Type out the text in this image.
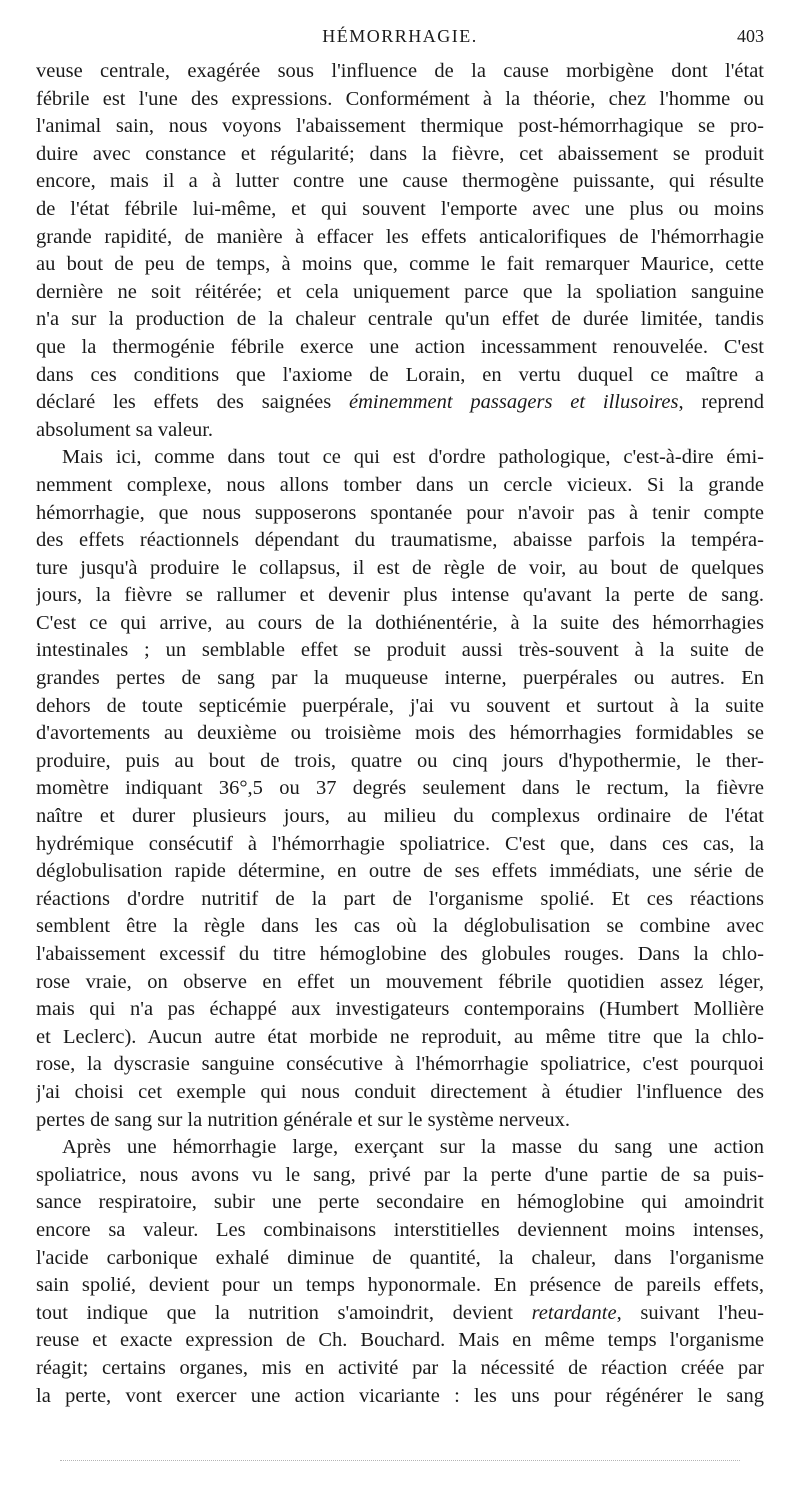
HÉMORRHAGIE.	403

veuse centrale, exagérée sous l'influence de la cause morbigène dont l'état

fébrile est l'une des expressions. Conformément à la théorie, chez l'homme ou

l'animal sain, nous voyons l'abaissement thermique post-hémorrhagique se pro-

duire avec constance et régularité; dans la fièvre, cet abaissement se produit

encore, mais il a à lutter contre une cause thermogène puissante, qui résulte

de l'état fébrile lui-même, et qui souvent l'emporte avec une plus ou moins

grande rapidité, de manière à effacer les effets anticalorifiques de l'hémorrhagie

au bout de peu de temps, à moins que, comme le fait remarquer Maurice, cette

dernière ne soit réitérée; et cela uniquement parce que la spoliation sanguine

n'a sur la production de la chaleur centrale qu'un effet de durée limitée, tandis

que la thermogénie fébrile exerce une action incessamment renouvelée. C'est

dans ces conditions que l'axiome de Lorain, en vertu duquel ce maître a

déclaré les effets des saignées éminemment passagers et illusoires, reprend

absolument sa valeur.

Mais ici, comme dans tout ce qui est d'ordre pathologique, c'est-à-dire émi-

nemment complexe, nous allons tomber dans un cercle vicieux. Si la grande

hémorrhagie, que nous supposerons spontanée pour n'avoir pas à tenir compte

des effets réactionnels dépendant du traumatisme, abaisse parfois la tempéra-

ture jusqu'à produire le collapsus, il est de règle de voir, au bout de quelques

jours, la fièvre se rallumer et devenir plus intense qu'avant la perte de sang.

C'est ce qui arrive, au cours de la dothiénentérie, à la suite des hémorrhagies

intestinales ; un semblable effet se produit aussi très-souvent à la suite de

grandes pertes de sang par la muqueuse interne, puerpérales ou autres. En

dehors de toute septicémie puerpérale, j'ai vu souvent et surtout à la suite

d'avortements au deuxième ou troisième mois des hémorrhagies formidables se

produire, puis au bout de trois, quatre ou cinq jours d'hypothermie, le ther-

momètre indiquant 36°,5 ou 37 degrés seulement dans le rectum, la fièvre

naître et durer plusieurs jours, au milieu du complexus ordinaire de l'état

hydrémique consécutif à l'hémorrhagie spoliatrice. C'est que, dans ces cas, la

déglobulisation rapide détermine, en outre de ses effets immédiats, une série de

réactions d'ordre nutritif de la part de l'organisme spolié. Et ces réactions

semblent être la règle dans les cas où la déglobulisation se combine avec

l'abaissement excessif du titre hémoglobine des globules rouges. Dans la chlo-

rose vraie, on observe en effet un mouvement fébrile quotidien assez léger,

mais qui n'a pas échappé aux investigateurs contemporains (Humbert Mollière

et Leclerc). Aucun autre état morbide ne reproduit, au même titre que la chlo-

rose, la dyscrasie sanguine consécutive à l'hémorrhagie spoliatrice, c'est pourquoi

j'ai choisi cet exemple qui nous conduit directement à étudier l'influence des

pertes de sang sur la nutrition générale et sur le système nerveux.

Après une hémorrhagie large, exerçant sur la masse du sang une action

spoliatrice, nous avons vu le sang, privé par la perte d'une partie de sa puis-

sance respiratoire, subir une perte secondaire en hémoglobine qui amoindrit

encore sa valeur. Les combinaisons interstitielles deviennent moins intenses,

l'acide carbonique exhalé diminue de quantité, la chaleur, dans l'organisme

sain spolié, devient pour un temps hyponormale. En présence de pareils effets,

tout indique que la nutrition s'amoindrit, devient retardante, suivant l'heu-

reuse et exacte expression de Ch. Bouchard. Mais en même temps l'organisme

réagit; certains organes, mis en activité par la nécessité de réaction créée par

la perte, vont exercer une action vicariante : les uns pour régénérer le sang
